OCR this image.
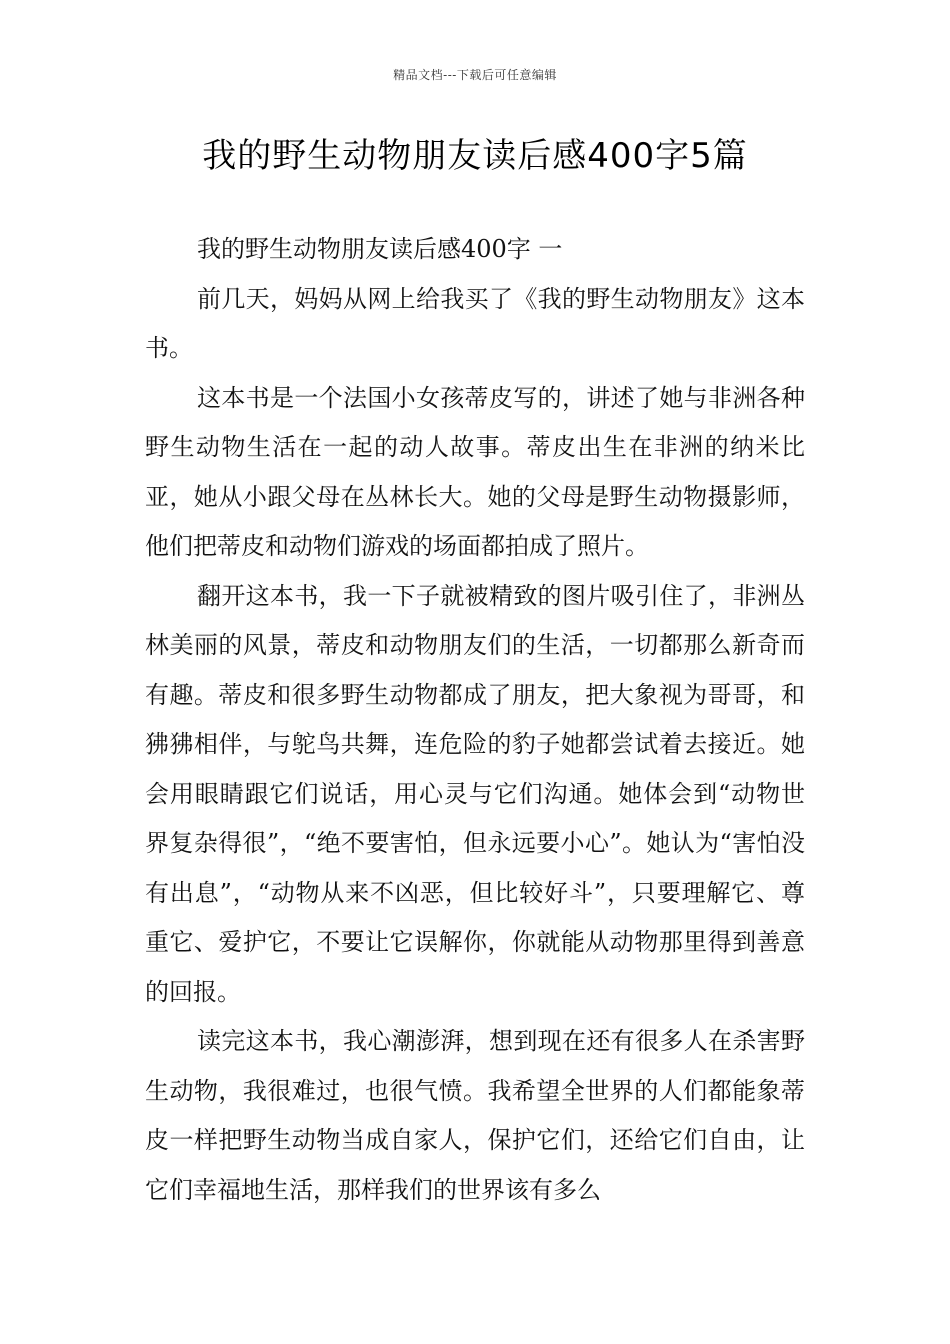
精品文档---下载后可任意编辑
我的野生动物朋友读后感400字5篇

我的野生动物朋友读后感400字 一

前几天，妈妈从网上给我买了《我的野生动物朋友》这本书。

这本书是一个法国小女孩蒂皮写的，讲述了她与非洲各种野生动物生活在一起的动人故事。蒂皮出生在非洲的纳米比亚，她从小跟父母在丛林长大。她的父母是野生动物摄影师，他们把蒂皮和动物们游戏的场面都拍成了照片。

翻开这本书，我一下子就被精致的图片吸引住了，非洲丛林美丽的风景，蒂皮和动物朋友们的生活，一切都那么新奇而有趣。蒂皮和很多野生动物都成了朋友，把大象视为哥哥，和狒狒相伴，与鸵鸟共舞，连危险的豹子她都尝试着去接近。她会用眼睛跟它们说话，用心灵与它们沟通。她体会到“动物世界复杂得很”，“绝不要害怕，但永远要小心”。她认为“害怕没有出息”，“动物从来不凶恶，但比较好斗”，只要理解它、尊重它、爱护它，不要让它误解你，你就能从动物那里得到善意的回报。

读完这本书，我心潮澎湃，想到现在还有很多人在杀害野生动物，我很难过，也很气愤。我希望全世界的人们都能象蒂皮一样把野生动物当成自家人，保护它们，还给它们自由，让它们幸福地生活，那样我们的世界该有多么
